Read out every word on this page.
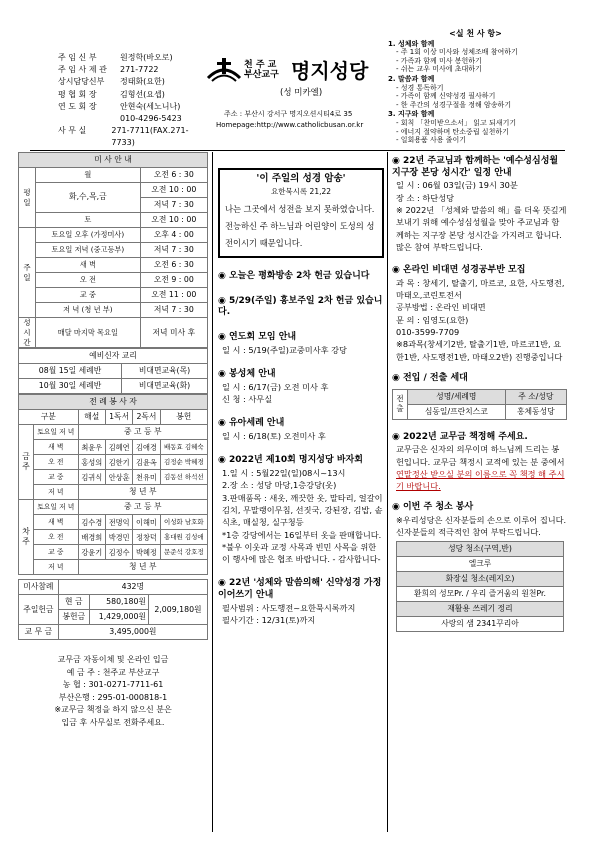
주 임 신 부	원정학(바오로)
주 임 사 제 관	271-7722
상시담당신부	정태화(요한)
평 협 회 장	김형선(요셉)
연 도 회 장	안현숙(세노니나)
010-4296-5423
사 무 실	271-7711(FAX.271-7733)
천 주 교
부산교구 명지성당
(성 미카엘)
주소 : 부산시 강서구 명지오션시티4로 35
Homepage:http://www.catholicbusan.or.kr
<실 천 사 항>
1. 성체와 함께
- 주 1회 이상 미사와 성체조배 참여하기
- 가족과 함께 미사 봉헌하기
- 쉬는 교우 미사에 초대하기
2. 말씀과 함께
- 성경 통독하기
- 가족이 함께 신약성경 필사하기
- 한 주간의 성경구절을 정해 암송하기
3. 지구와 함께
- 회칙 「찬미받으소서」 읽고 되새기기
- 에너지 절약하며 탄소중립 실천하기
- 일회용품 사용 줄이기
미 사 안 내		
평일	월	오전 6 : 30
	화,수,목,금	오전 10 : 00
		저녁 7 : 30
	토	오전 10 : 00
주일	토요일 오후 (가정미사)	오후 4 : 00
	토요일 저녁 (중고등부)	저녁 7 : 30
	새 벽	오전 6 : 30
	오 전	오전 9 : 00
	교 중	오전 11 : 00
	저 녁 (청 년 부)	저녁 7 : 30
성시간	매달 마지막 목요일	저녁 미사 후
예비신자 교리	
08월 15일 세례반	비대면교육(목)
10월 30일 세례반	비대면교육(화)
전 례 봉 사 자					
구분		해설	1독서	2독서	봉헌
금주	토요일 저 녁	중 고 등 부			
	새 벽	최윤우	김혜연	김애경	배동효 김혜숙
	오 전	홍성의	김한기	김윤옥	김정순 박혜경
	교 중	김귀식	안상훈	천유미	김동선 하석선
	저 녁	청 년 부			
차주	토요일 저 녁	중 고 등 부			
	새 벽	김수경	전명익	이해미	이성화 남호화
	오 전	배경희	박경민	정창덕	홍대원 김성애
	교 중	강윤기	김정수	박혜정	문준석 강호정
	저 녁	청 년 부			
미사참례	432명		
주일헌금	현 금	580,180원	2,009,180원
	봉헌금	1,429,000원	
교 무 금	3,495,000원		
교무금 자동이체 및 온라인 입금
예 금 주 : 천주교 부산교구
농 협 : 301-0271-7711-61
부산은행 : 295-01-000818-1
※교무금 책정을 하지 않으신 분은
입금 후 사무실로 전화주세요.
'이 주일의 성경 암송'
요한묵시록 21,22
나는 그곳에서 성전을 보지 못하였습니다. 전능하신 주 하느님과 어린양이 도성의 성전이시기 때문입니다.
◉ 오늘은 평화방송 2차 헌금 있습니다
◉ 5/29(주일) 홍보주일 2차 헌금 있습니다.
◉ 연도회 모임 안내
일 시 : 5/19(주일)교중미사후 강당
◉ 봉성체 안내
일 시 : 6/17(금) 오전 미사 후
신 청 : 사무실
◉ 유아세례 안내
일 시 : 6/18(토) 오전미사 후
◉ 2022년 제10회 명지성당 바자회
1.일 시 : 5월22일(일)08시~13시
2.장 소 : 성당 마당,1층강당(옷)
3.판매품목 : 새옷, 깨끗한 옷, 말타리, 얼갈이김치, 무말랭이무침, 선짓국, 강된장, 김밥, 솥식초, 매실청, 실구청등
*1층 강당에서는 16일부터 옷을 판매합니다.
*불우 이웃과 교정 사목과 빈민 사목을 위한 이 행사에 많은 협조 바랍니다. - 감사합니다-
◉ 22년 '성체와 말씀의해' 신약성경 가정 이어쓰기 안내
필사범위 : 사도행전~요한묵시록까지
필사기간 : 12/31(토)까지
◉ 22년 주교님과 함께하는 '예수성심성월 지구장 본당 성시간' 일정 안내
일 시 : 06월 03일(금) 19시 30분
장 소 : 하단성당
※ 2022년 「성체와 말씀의 해」를 더욱 뜻깊게 보내기 위해 예수성심성월을 맞아 주교님과 함께하는 지구장 본당 성시간을 가지려고 합니다. 많은 참여 부탁드립니다.
◉ 온라인 비대면 성경공부반 모집
과 목 : 창세기, 탈출기, 마르코, 요한, 사도행전, 마태오,코린토전서
공부방법 : 온라인 비대면
문 의 : 임영도(요한)
010-3599-7709
※8과목(창세기2반, 탈출기1반, 마르코1반, 요한1반, 사도행전1반, 마태오2반) 진행중입니다
◉ 전입 / 전출 세대
전출	성명/세례명	주 소/성당
	심동일/프란치스코	홍체동성당
◉ 2022년 교무금 책정해 주세요.
교무금은 신자의 의무이며 하느님께 드리는 봉헌입니다. 교무금 책정시 교적에 있는 분 중에서 연말정산 받으실 분의 이름으로 꼭 책정 해 주시기 바랍니다.
◉ 이번 주 청소 봉사
※우리성당은 신자분들의 손으로 이루어 집니다. 신자분들의 적극적인 참여 부탁드립니다.
성당 청소(구역,반)
엘크루
화장실 청소(레지오)
환희의 성모Pr. / 우리 즐거움의 원천Pr.
재활용 쓰레기 정리
사랑의 샘 2341꾸리아
